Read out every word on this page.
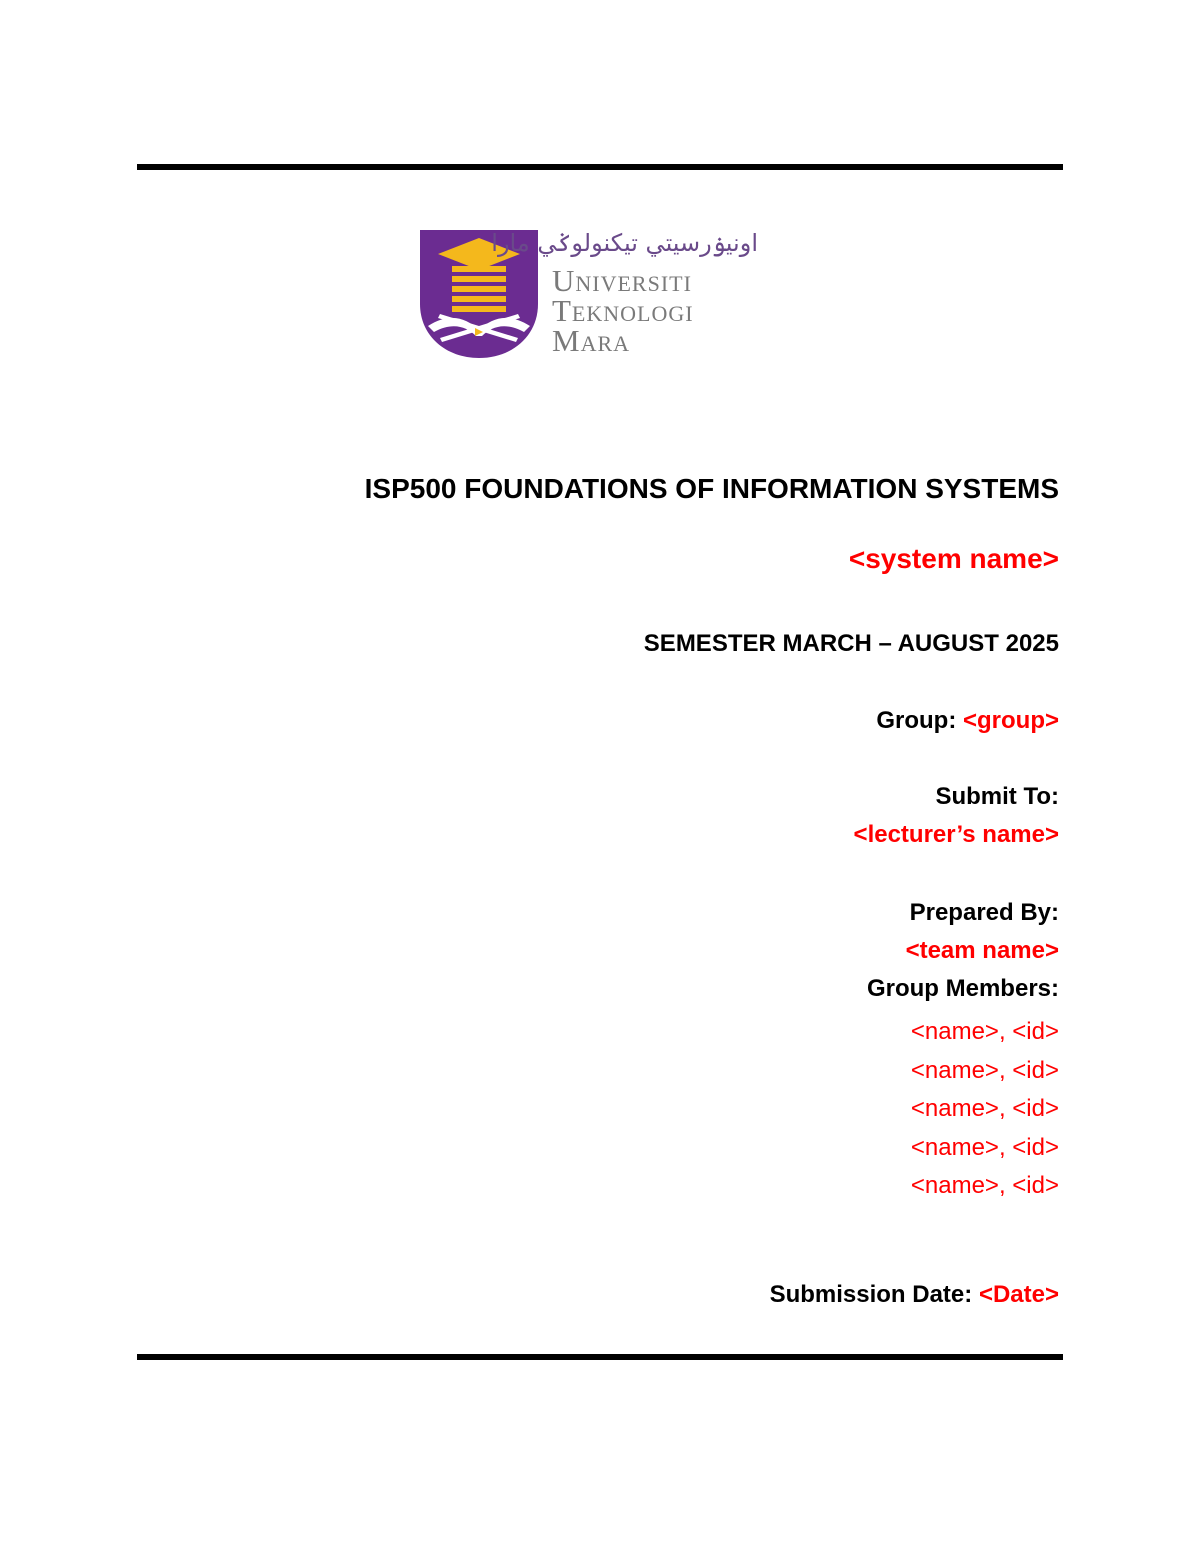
اونيۏرسيتي تيکنولوݢي مارا
Universiti
Teknologi
Mara
ISP500 FOUNDATIONS OF INFORMATION SYSTEMS
<system name>
SEMESTER MARCH – AUGUST 2025
Group: <group>
Submit To:
<lecturer’s name>
Prepared By:
<team name>
Group Members:
<name>, <id>
<name>, <id>
<name>, <id>
<name>, <id>
<name>, <id>
Submission Date: <Date>
